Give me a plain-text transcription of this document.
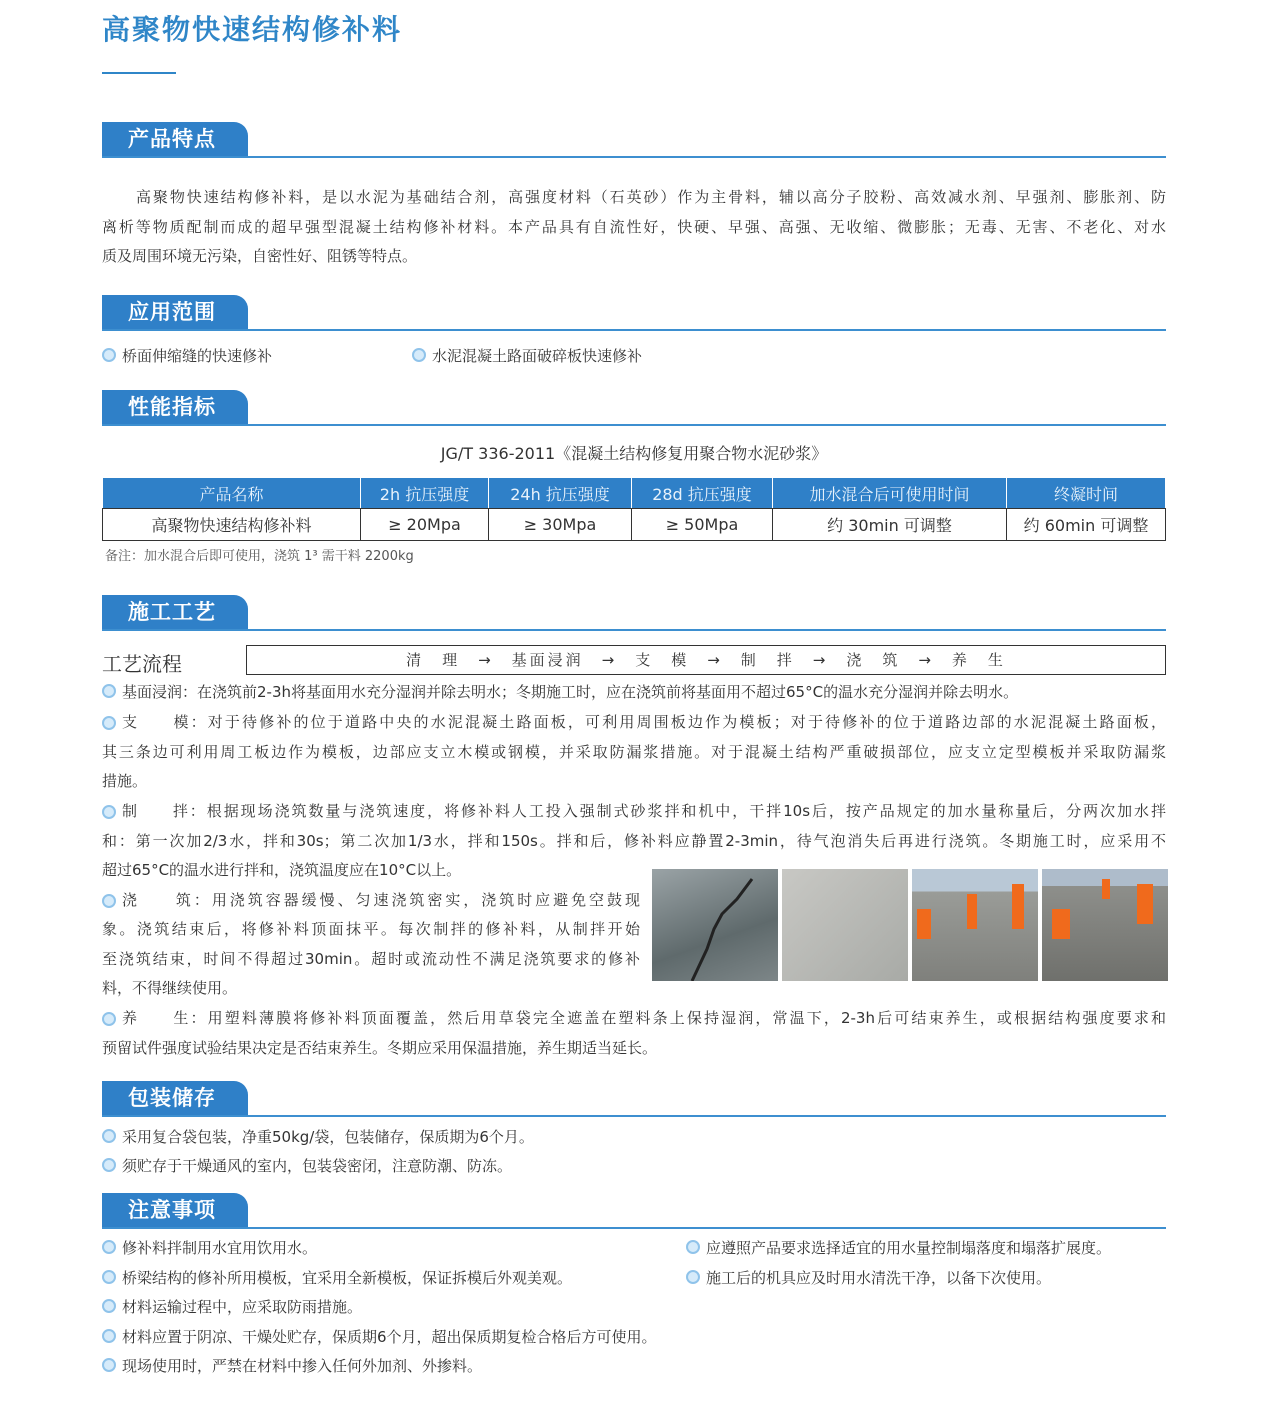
高聚物快速结构修补料
产品特点
高聚物快速结构修补料，是以水泥为基础结合剂，高强度材料（石英砂）作为主骨料，辅以高分子胶粉、高效减水剂、早强剂、膨胀剂、防
离析等物质配制而成的超早强型混凝土结构修补材料。本产品具有自流性好，快硬、早强、高强、无收缩、微膨胀；无毒、无害、不老化、对水
质及周围环境无污染，自密性好、阻锈等特点。
应用范围
桥面伸缩缝的快速修补	水泥混凝土路面破碎板快速修补
性能指标
JG/T 336-2011《混凝土结构修复用聚合物水泥砂浆》
产品名称	2h 抗压强度	24h 抗压强度	28d 抗压强度	加水混合后可使用时间	终凝时间
高聚物快速结构修补料	≥ 20Mpa	≥ 30Mpa	≥ 50Mpa	约 30min 可调整	约 60min 可调整
备注：加水混合后即可使用，浇筑 1³ 需干料 2200kg
施工工艺
工艺流程	清　理　→　基面浸润　→　支　模　→　制　拌　→　浇　筑　→　养　生
基面浸润：在浇筑前2-3h将基面用水充分湿润并除去明水；冬期施工时，应在浇筑前将基面用不超过65°C的温水充分湿润并除去明水。
支　　模：对于待修补的位于道路中央的水泥混凝土路面板，可利用周围板边作为模板；对于待修补的位于道路边部的水泥混凝土路面板，
其三条边可利用周工板边作为模板，边部应支立木模或钢模，并采取防漏浆措施。对于混凝土结构严重破损部位，应支立定型模板并采取防漏浆
措施。
制　　拌：根据现场浇筑数量与浇筑速度，将修补料人工投入强制式砂浆拌和机中，干拌10s后，按产品规定的加水量称量后，分两次加水拌
和：第一次加2/3水，拌和30s；第二次加1/3水，拌和150s。拌和后，修补料应静置2-3min，待气泡消失后再进行浇筑。冬期施工时，应采用不
超过65°C的温水进行拌和，浇筑温度应在10°C以上。
浇　　筑：用浇筑容器缓慢、匀速浇筑密实，浇筑时应避免空鼓现
象。浇筑结束后，将修补料顶面抹平。每次制拌的修补料，从制拌开始
至浇筑结束，时间不得超过30min。超时或流动性不满足浇筑要求的修补
料，不得继续使用。
养　　生：用塑料薄膜将修补料顶面覆盖，然后用草袋完全遮盖在塑料条上保持湿润，常温下，2-3h后可结束养生，或根据结构强度要求和
预留试件强度试验结果决定是否结束养生。冬期应采用保温措施，养生期适当延长。
包装储存
采用复合袋包装，净重50kg/袋，包装储存，保质期为6个月。
须贮存于干燥通风的室内，包装袋密闭，注意防潮、防冻。
注意事项
修补料拌制用水宜用饮用水。
桥梁结构的修补所用模板，宜采用全新模板，保证拆模后外观美观。
材料运输过程中，应采取防雨措施。
材料应置于阴凉、干燥处贮存，保质期6个月，超出保质期复检合格后方可使用。
现场使用时，严禁在材料中掺入任何外加剂、外掺料。
应遵照产品要求选择适宜的用水量控制塌落度和塌落扩展度。
施工后的机具应及时用水清洗干净，以备下次使用。
